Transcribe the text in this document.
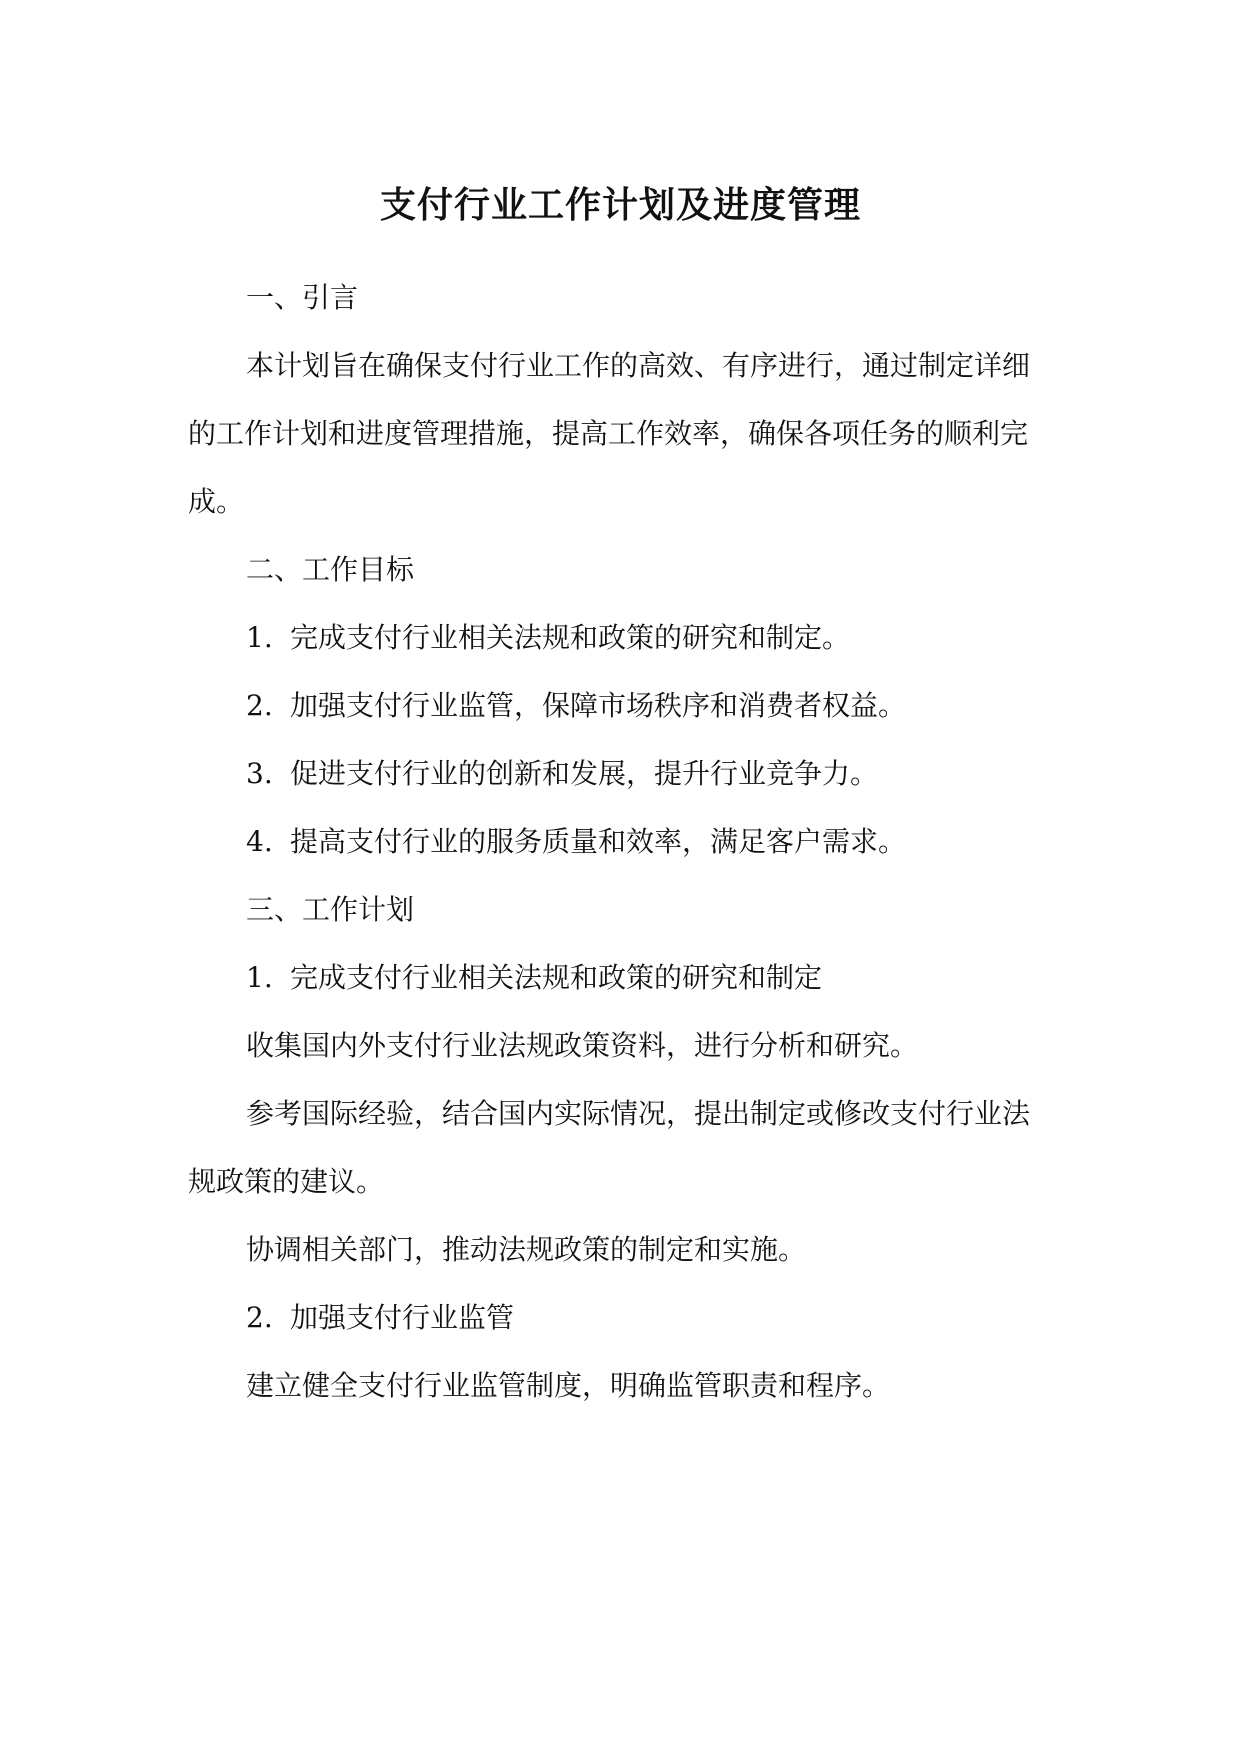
支付行业工作计划及进度管理

一、引言

本计划旨在确保支付行业工作的高效、有序进行，通过制定详细

的工作计划和进度管理措施，提高工作效率，确保各项任务的顺利完

成。

二、工作目标

1. 完成支付行业相关法规和政策的研究和制定。

2. 加强支付行业监管，保障市场秩序和消费者权益。

3. 促进支付行业的创新和发展，提升行业竞争力。

4. 提高支付行业的服务质量和效率，满足客户需求。

三、工作计划

1. 完成支付行业相关法规和政策的研究和制定

收集国内外支付行业法规政策资料，进行分析和研究。

参考国际经验，结合国内实际情况，提出制定或修改支付行业法

规政策的建议。

协调相关部门，推动法规政策的制定和实施。

2. 加强支付行业监管

建立健全支付行业监管制度，明确监管职责和程序。
